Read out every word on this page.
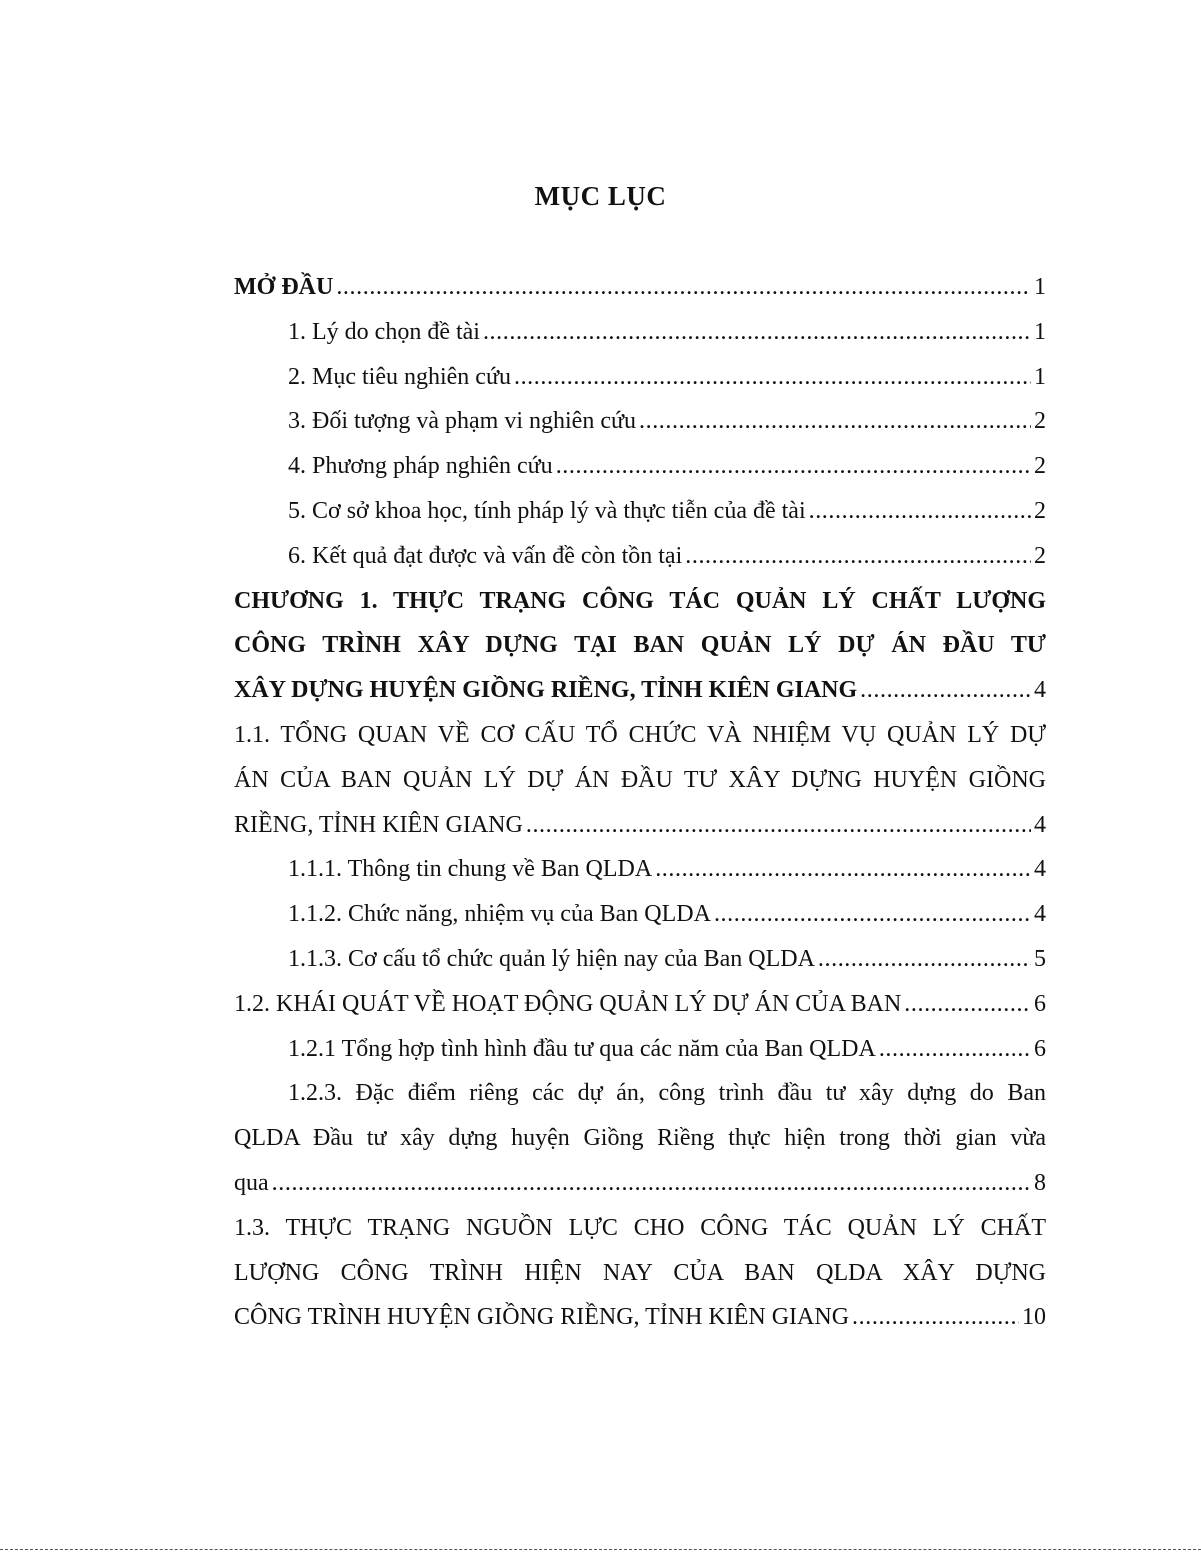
MỤC LỤC
MỞ ĐẦU .....	1
1. Lý do chọn đề tài .....	1
2. Mục tiêu nghiên cứu .....	1
3. Đối tượng và phạm vi nghiên cứu .....	2
4. Phương pháp nghiên cứu .....	2
5. Cơ sở khoa học, tính pháp lý và thực tiễn của đề tài .....	2
6. Kết quả đạt được và vấn đề còn tồn tại .....	2
CHƯƠNG 1. THỰC TRẠNG CÔNG TÁC QUẢN LÝ CHẤT LƯỢNG
CÔNG TRÌNH XÂY DỰNG TẠI BAN QUẢN LÝ DỰ ÁN ĐẦU TƯ
XÂY DỰNG HUYỆN GIỒNG RIỀNG, TỈNH KIÊN GIANG .....	4
1.1. TỔNG QUAN VỀ CƠ CẤU TỔ CHỨC VÀ NHIỆM VỤ QUẢN LÝ DỰ
ÁN CỦA BAN QUẢN LÝ DỰ ÁN ĐẦU TƯ XÂY DỰNG HUYỆN GIỒNG
RIỀNG, TỈNH KIÊN GIANG .....	4
1.1.1. Thông tin chung về Ban QLDA .....	4
1.1.2. Chức năng, nhiệm vụ của Ban QLDA .....	4
1.1.3. Cơ cấu tổ chức quản lý hiện nay của Ban QLDA .....	5
1.2. KHÁI QUÁT VỀ HOẠT ĐỘNG QUẢN LÝ DỰ ÁN CỦA BAN .....	6
1.2.1 Tổng hợp tình hình đầu tư qua các năm của Ban QLDA .....	6
1.2.3. Đặc điểm riêng các dự án, công trình đầu tư xây dựng do Ban
QLDA Đầu tư xây dựng huyện Giồng Riềng thực hiện trong thời gian vừa
qua .....	8
1.3. THỰC TRẠNG NGUỒN LỰC CHO CÔNG TÁC QUẢN LÝ CHẤT
LƯỢNG CÔNG TRÌNH HIỆN NAY CỦA BAN QLDA XÂY DỰNG
CÔNG TRÌNH HUYỆN GIỒNG RIỀNG, TỈNH KIÊN GIANG .....	10
